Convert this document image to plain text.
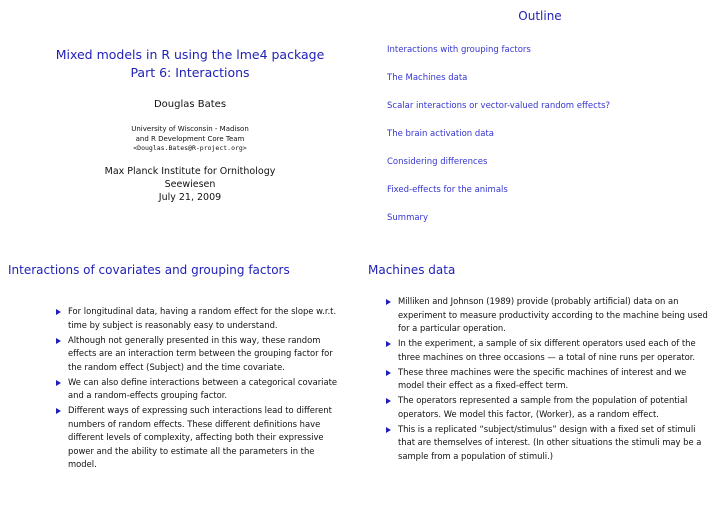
Mixed models in R using the lme4 package
Part 6: Interactions
Douglas Bates
University of Wisconsin - Madison
and R Development Core Team
<Douglas.Bates@R-project.org>
Max Planck Institute for Ornithology
Seewiesen
July 21, 2009
Outline
Interactions with grouping factors
The Machines data
Scalar interactions or vector-valued random effects?
The brain activation data
Considering differences
Fixed-effects for the animals
Summary
Interactions of covariates and grouping factors
For longitudinal data, having a random effect for the slope w.r.t. time by subject is reasonably easy to understand.
Although not generally presented in this way, these random effects are an interaction term between the grouping factor for the random effect (Subject) and the time covariate.
We can also define interactions between a categorical covariate and a random-effects grouping factor.
Different ways of expressing such interactions lead to different numbers of random effects. These different definitions have different levels of complexity, affecting both their expressive power and the ability to estimate all the parameters in the model.
Machines data
Milliken and Johnson (1989) provide (probably artificial) data on an experiment to measure productivity according to the machine being used for a particular operation.
In the experiment, a sample of six different operators used each of the three machines on three occasions — a total of nine runs per operator.
These three machines were the specific machines of interest and we model their effect as a fixed-effect term.
The operators represented a sample from the population of potential operators. We model this factor, (Worker), as a random effect.
This is a replicated “subject/stimulus” design with a fixed set of stimuli that are themselves of interest. (In other situations the stimuli may be a sample from a population of stimuli.)
